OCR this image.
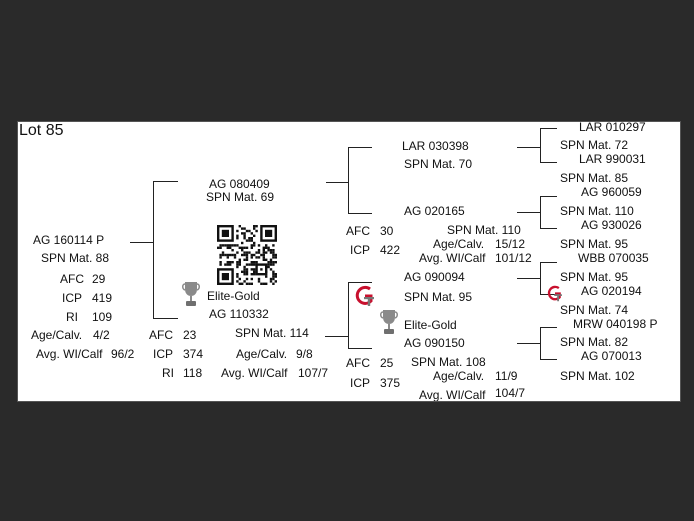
Lot 85
AG 160114 P
SPN Mat. 88
AFC 29
ICP 419
RI 109
Age/Calv. 4/2
Avg. WI/Calf 96/2
AG 080409
SPN Mat. 69
Elite-Gold
AG 110332
SPN Mat. 114
AFC 23
ICP 374
RI 118
Age/Calv. 9/8
Avg. WI/Calf 107/7
LAR 030398
SPN Mat. 70
AG 020165
SPN Mat. 110
AFC 30
ICP 422	Age/Calv. 15/12
Avg. WI/Calf 101/12
AG 090094
SPN Mat. 95
Elite-Gold
AG 090150
SPN Mat. 108
AFC 25
ICP 375	Age/Calv. 11/9
Avg. WI/Calf 104/7
LAR 010297
SPN Mat. 72
LAR 990031
SPN Mat. 85
AG 960059
SPN Mat. 110
AG 930026
SPN Mat. 95
WBB 070035
SPN Mat. 95
AG 020194
SPN Mat. 74
MRW 040198 P
SPN Mat. 82
AG 070013
SPN Mat. 102
